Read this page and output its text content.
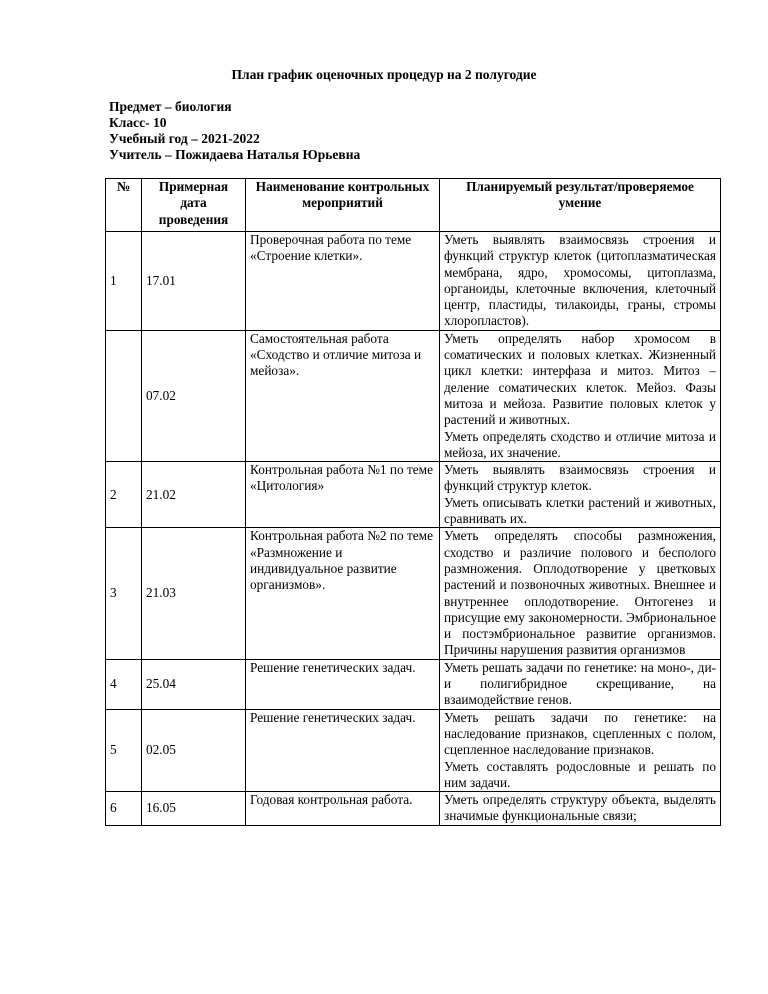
План график оценочных процедур на 2 полугодие
Предмет – биология
Класс- 10
Учебный год – 2021-2022
Учитель – Пожидаева Наталья Юрьевна
№	Примерная дата проведения	Наименование контрольных мероприятий	Планируемый результат/проверяемое умение
1	17.01	Проверочная работа по теме «Строение клетки».	Уметь выявлять взаимосвязь строения и функций структур клеток (цитоплазматическая мембрана, ядро, хромосомы, цитоплазма, органоиды, клеточные включения, клеточный центр, пластиды, тилакоиды, граны, стромы хлоропластов).

	07.02	Самостоятельная работа «Сходство и отличие митоза и мейоза».	Уметь определять набор хромосом в соматических и половых клетках. Жизненный цикл клетки: интерфаза и митоз. Митоз – деление соматических клеток. Мейоз. Фазы митоза и мейоза. Развитие половых клеток у растений и животных.
Уметь определять сходство и отличие митоза и мейоза, их значение.

2	21.02	Контрольная работа №1 по теме «Цитология»	Уметь выявлять взаимосвязь строения и функций структур клеток.
Уметь описывать клетки растений и животных, сравнивать их.

3	21.03	Контрольная работа №2 по теме «Размножение и индивидуальное развитие организмов».	Уметь определять способы размножения, сходство и различие полового и бесполого размножения. Оплодотворение у цветковых растений и позвоночных животных. Внешнее и внутреннее оплодотворение. Онтогенез и присущие ему закономерности. Эмбриональное и постэмбриональное развитие организмов. Причины нарушения развития организмов

4	25.04	Решение генетических задач.	Уметь решать задачи по генетике: на моно-, ди- и полигибридное скрещивание, на взаимодействие генов.

5	02.05	Решение генетических задач.	Уметь решать задачи по генетике: на наследование признаков, сцепленных с полом, сцепленное наследование признаков.
Уметь составлять родословные и решать по ним задачи.

6	16.05	Годовая контрольная работа.	Уметь определять структуру объекта, выделять значимые функциональные связи;
